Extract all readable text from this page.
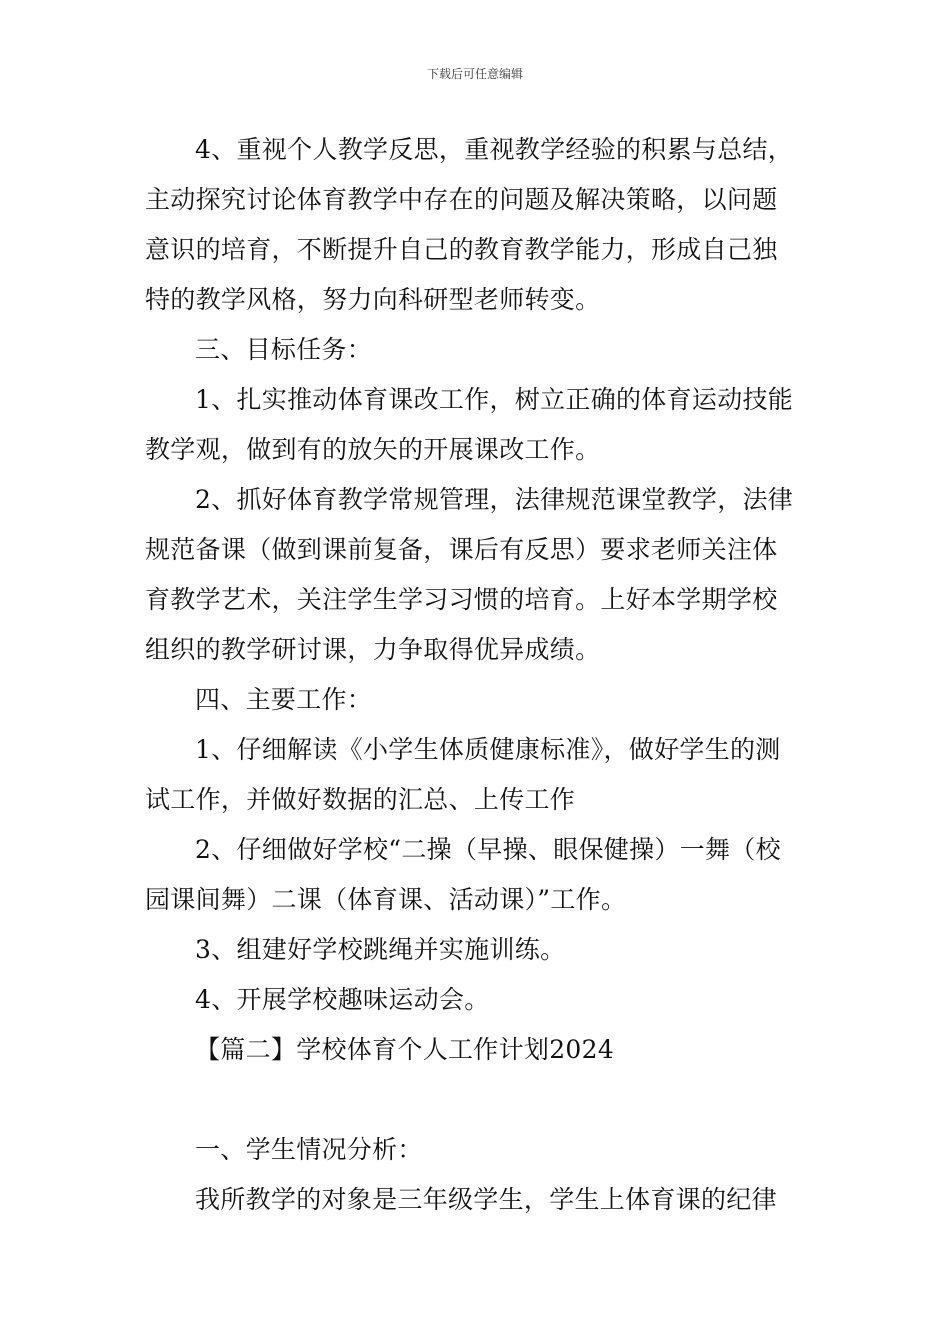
下载后可任意编辑
4、重视个人教学反思，重视教学经验的积累与总结，
主动探究讨论体育教学中存在的问题及解决策略，以问题
意识的培育，不断提升自己的教育教学能力，形成自己独
特的教学风格，努力向科研型老师转变。
三、目标任务：
1、扎实推动体育课改工作，树立正确的体育运动技能
教学观，做到有的放矢的开展课改工作。
2、抓好体育教学常规管理，法律规范课堂教学，法律
规范备课（做到课前复备，课后有反思）要求老师关注体
育教学艺术，关注学生学习习惯的培育。上好本学期学校
组织的教学研讨课，力争取得优异成绩。
四、主要工作：
1、仔细解读《小学生体质健康标准》，做好学生的测
试工作，并做好数据的汇总、上传工作
2、仔细做好学校“二操（早操、眼保健操）一舞（校
园课间舞）二课（体育课、活动课）”工作。
3、组建好学校跳绳并实施训练。
4、开展学校趣味运动会。
【篇二】学校体育个人工作计划2024
一、学生情况分析：
我所教学的对象是三年级学生，学生上体育课的纪律
